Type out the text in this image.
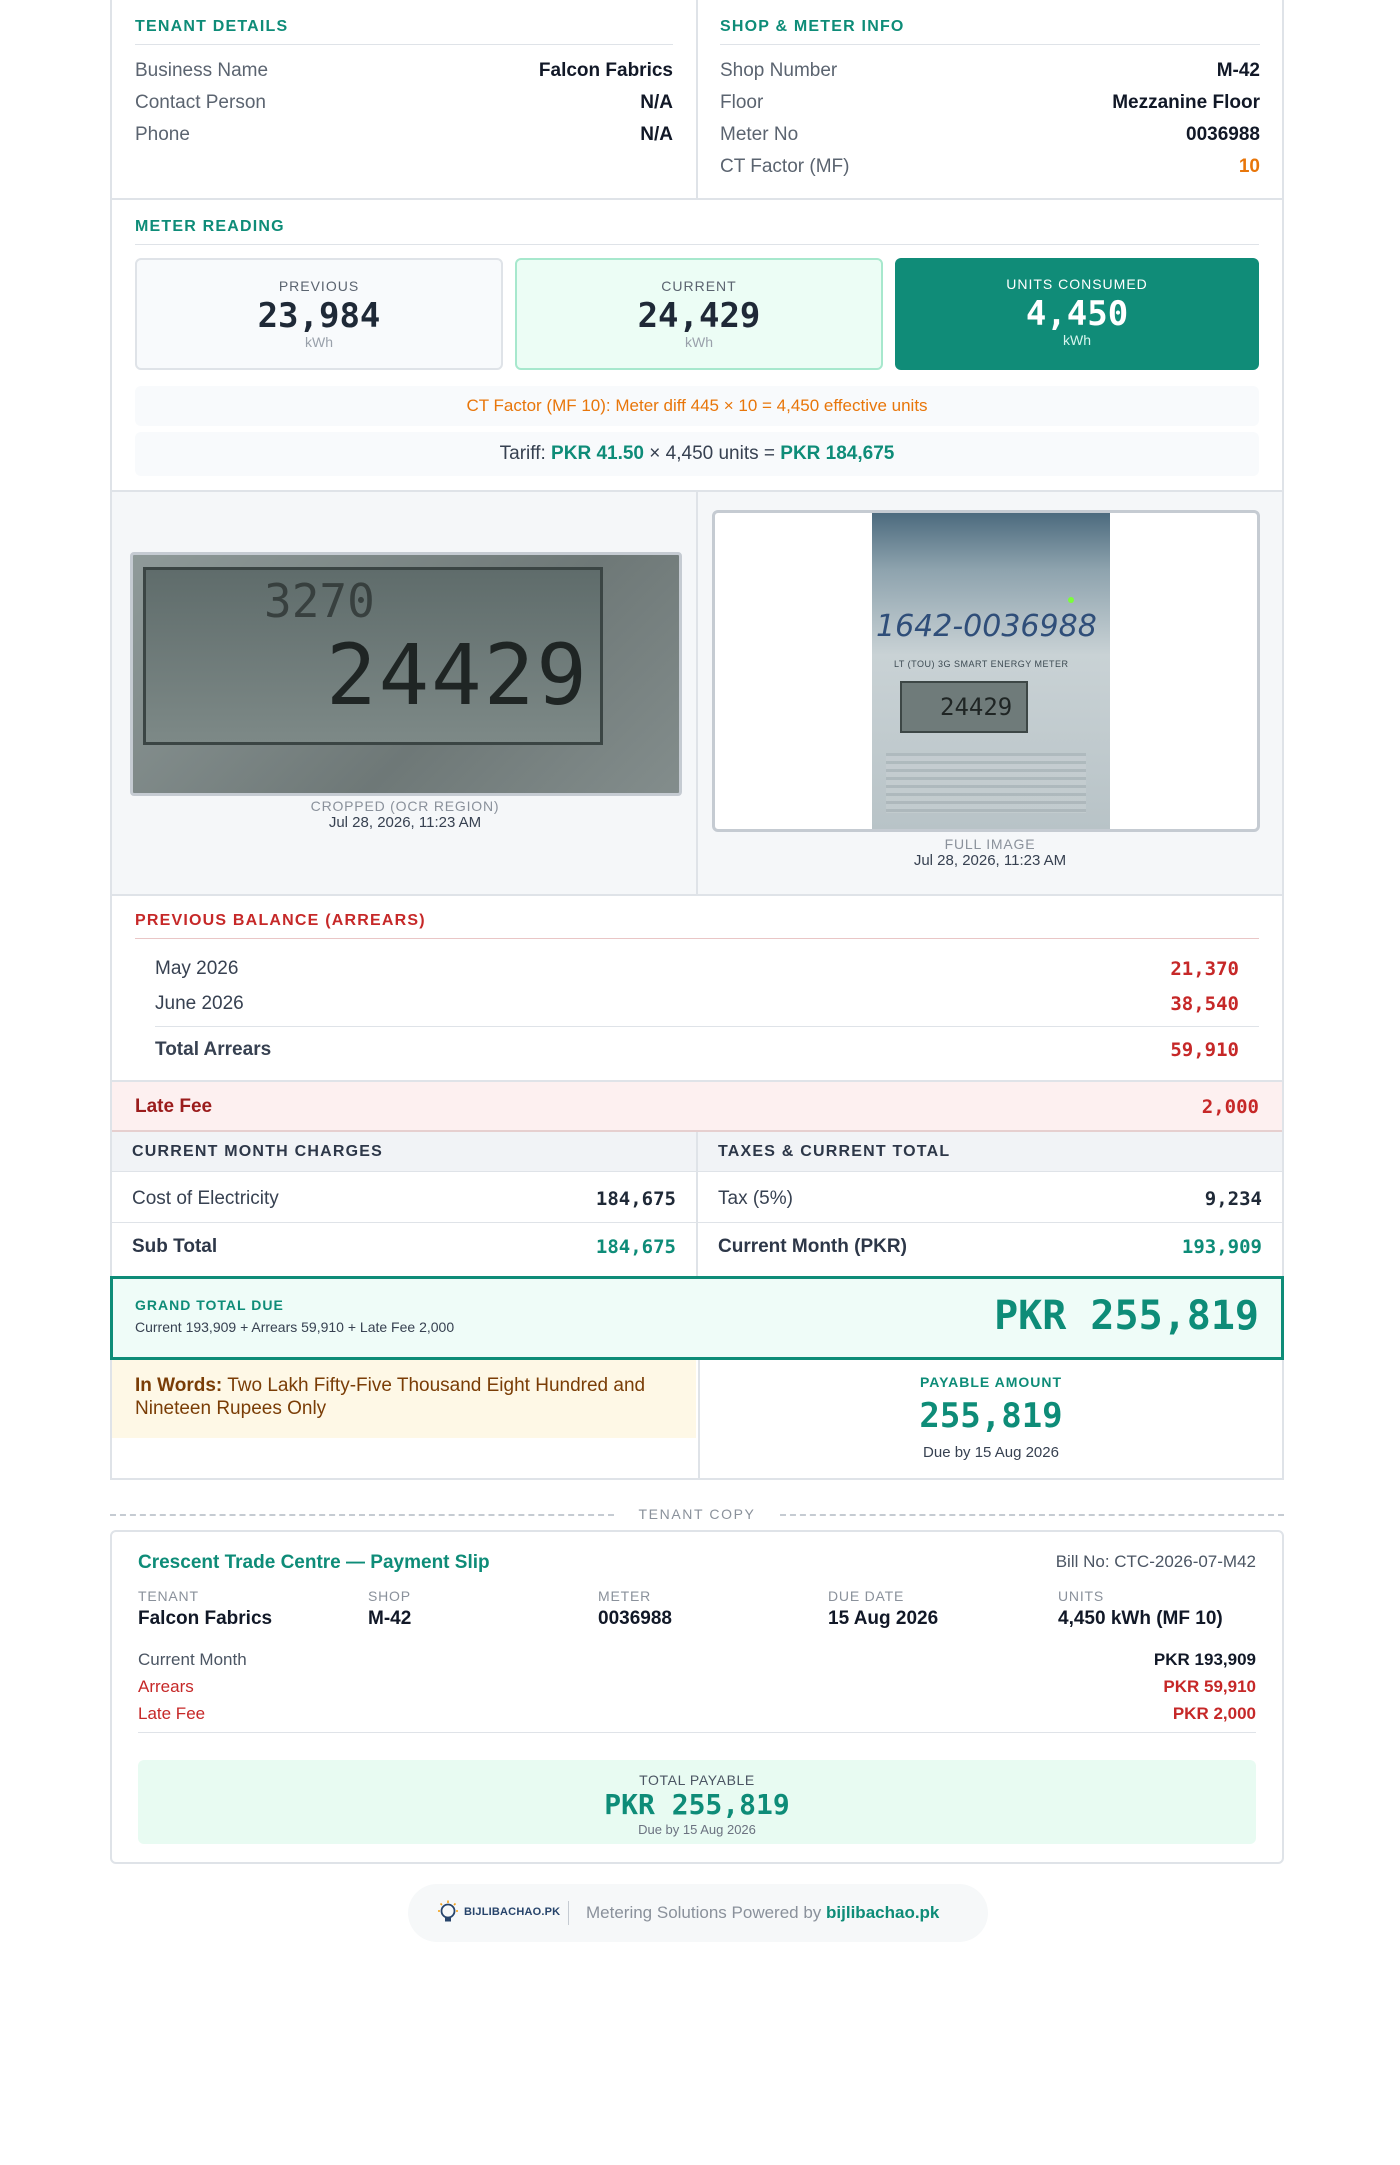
TENANT DETAILS
Business Name	Falcon Fabrics
Contact Person	N/A
Phone	N/A
SHOP & METER INFO
Shop Number	M-42
Floor	Mezzanine Floor
Meter No	0036988
CT Factor (MF)	10
METER READING
PREVIOUS
23,984
kWh
CURRENT
24,429
kWh
UNITS CONSUMED
4,450
kWh
CT Factor (MF 10): Meter diff 445 × 10 = 4,450 effective units
Tariff: PKR 41.50 × 4,450 units = PKR 184,675
3270
24429
CROPPED (OCR REGION)
Jul 28, 2026, 11:23 AM
1642-0036988
LT (TOU) 3G SMART ENERGY METER
24429
FULL IMAGE
Jul 28, 2026, 11:23 AM
PREVIOUS BALANCE (ARREARS)
May 2026	21,370
June 2026	38,540
Total Arrears	59,910
Late Fee	2,000
CURRENT MONTH CHARGES
Cost of Electricity	184,675
Sub Total	184,675
TAXES & CURRENT TOTAL
Tax (5%)	9,234
Current Month (PKR)	193,909
GRAND TOTAL DUE
Current 193,909 + Arrears 59,910 + Late Fee 2,000	PKR 255,819

In Words: Two Lakh Fifty-Five Thousand Eight Hundred and Nineteen Rupees Only

PAYABLE AMOUNT
255,819
Due by 15 Aug 2026
TENANT COPY
Crescent Trade Centre — Payment Slip	Bill No: CTC-2026-07-M42
TENANT
Falcon Fabrics
SHOP
M-42
METER
0036988
DUE DATE
15 Aug 2026
UNITS
4,450 kWh (MF 10)
Current Month	PKR 193,909
Arrears	PKR 59,910
Late Fee	PKR 2,000
TOTAL PAYABLE
PKR 255,819
Due by 15 Aug 2026
BIJLIBACHAO.PK Metering Solutions Powered by bijlibachao.pk
